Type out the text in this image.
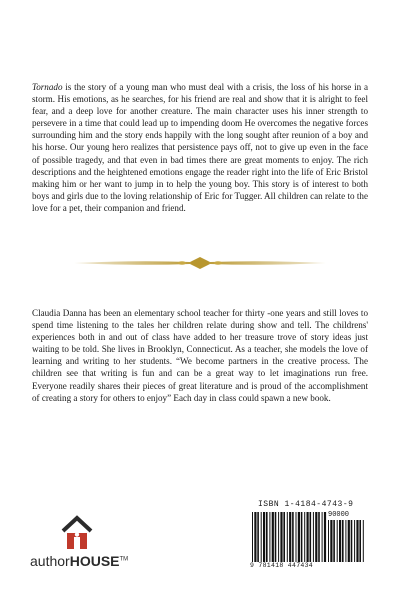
Tornado is the story of a young man who must deal with a crisis, the loss of his horse in a storm. His emotions, as he searches, for his friend are real and show that it is alright to feel fear, and a deep love for another creature. The main character uses his inner strength to persevere in a time that could lead up to impending doom He overcomes the negative forces surrounding him and the story ends happily with the long sought after reunion of a boy and his horse. Our young hero realizes that persistence pays off, not to give up even in the face of possible tragedy, and that even in bad times there are great moments to enjoy. The rich descriptions and the heightened emotions engage the reader right into the life of Eric Bristol making him or her want to jump in to help the young boy. This story is of interest to both boys and girls due to the loving relationship of Eric for Tugger. All children can relate to the love for a pet, their companion and friend.

Claudia Danna has been an elementary school teacher for thirty -one years and still loves to spend time listening to the tales her children relate during show and tell. The childrens' experiences both in and out of class have added to her treasure trove of story ideas just waiting to be told. She lives in Brooklyn, Connecticut. As a teacher, she models the love of learning and writing to her students. “We become partners in the creative process. The children see that writing is fun and can be a great way to let imaginations run free. Everyone readily shares their pieces of great literature and is proud of the accomplishment of creating a story for others to enjoy” Each day in class could spawn a new book.

authorHOUSE™
ISBN 1-4184-4743-9
90000
9 781418 447434
